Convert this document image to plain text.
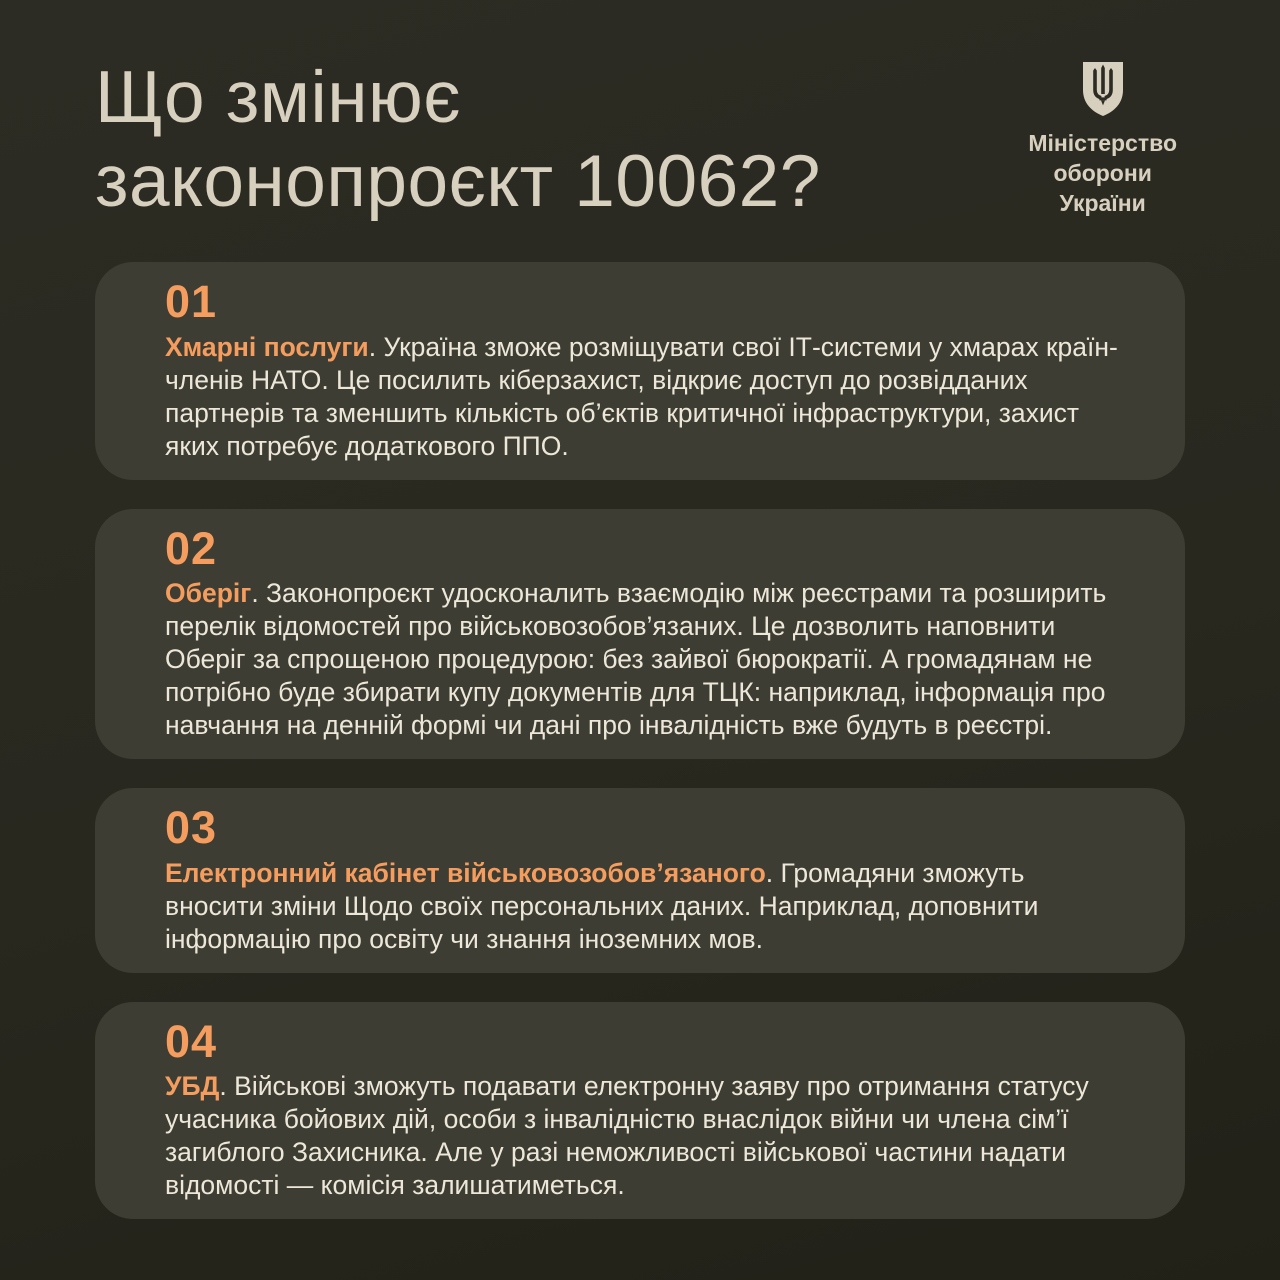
Що змінює
законопроєкт 10062?	Міністерство
оборони
України
01

Хмарні послуги. Україна зможе розміщувати свої ІТ-системи у хмарах країн-членів НАТО. Це посилить кіберзахист, відкриє доступ до розвідданих партнерів та зменшить кількість об’єктів критичної інфраструктури, захист яких потребує додаткового ППО.

02

Оберіг. Законопроєкт удосконалить взаємодію між реєстрами та розширить перелік відомостей про військовозобов’язаних. Це дозволить наповнити Оберіг за спрощеною процедурою: без зайвої бюрократії. А громадянам не потрібно буде збирати купу документів для ТЦК: наприклад, інформація про навчання на денній формі чи дані про інвалідність вже будуть в реєстрі.

03

Електронний кабінет військовозобов’язаного. Громадяни зможуть вносити зміни Щодо своїх персональних даних. Наприклад, доповнити інформацію про освіту чи знання іноземних мов.

04

УБД. Військові зможуть подавати електронну заяву про отримання статусу учасника бойових дій, особи з інвалідністю внаслідок війни чи члена сім’ї загиблого Захисника. Але у разі неможливості військової частини надати відомості — комісія залишатиметься.
